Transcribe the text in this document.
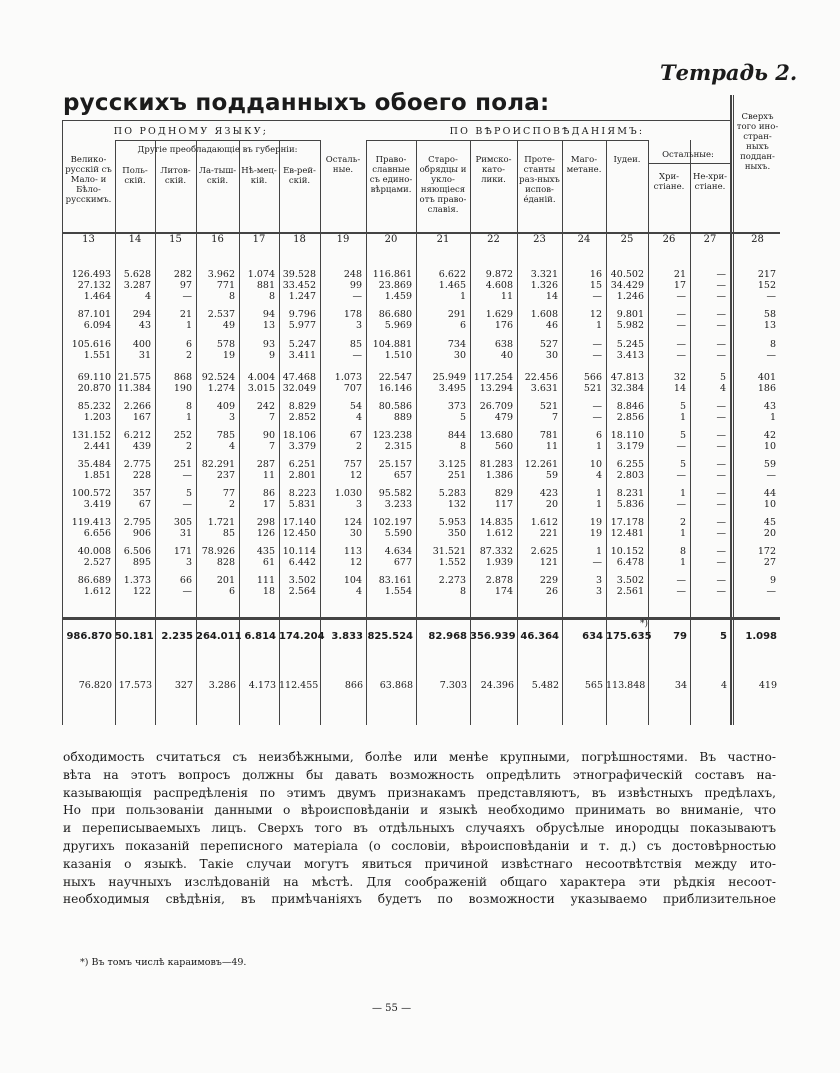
Тетрадь 2.
русскихъ подданныхъ обоего пола:
ПО РОДНОМУ ЯЗЫКУ;	ПО ВѢРОИСПОВѢДАНІЯМЪ:
Другіе преобладающіе въ губерніи:	Остальные:
Велико-русскій съ Мало- и Бѣло-русскимъ.
Поль-скій.
Литов-скій.
Ла-тыш-скій.
Нѣ-мец-кій.
Ев-рей-скій.
Осталь-ные.
Право-славные съ едино-вѣрцами.
Старо-обрядцы и укло-няющіеся отъ право-славія.
Римско-като-лики.
Проте-станты раз-ныхъ испов-éданій.
Маго-метане.
Іудеи.
Хри-стіане.
Не-хри-стіане.
Сверхъ того ино-стран-ныхъ поддан-ныхъ.
13	14	15	16	17	18	19	20	21	22	23	24	25	26	27	28
126.493	5.628	282	3.962	1.074 39.528	248	116.861	6.622	9.872	3.321	16 40.502	21	—	217
27.132	3.287	97	771	881 33.452	99	23.869	1.465	4.608	1.326	15 34.429	17	—	152
1.464	4	—	8	8	1.247	—	1.459	1	11	14	—	1.246	—	—	—
87.101	294	21	2.537	94	9.796	178	86.680	291	1.629	1.608	12	9.801	—	—	58
6.094	43	1	49	13	5.977	3	5.969	6	176	46	1	5.982	—	—	13
105.616	400	6	578	93	5.247	85	104.881	734	638	527	—	5.245	—	—	8
1.551	31	2	19	9	3.411	—	1.510	30	40	30	—	3.413	—	—	—
69.110 21.575	868	92.524	4.004 47.468	1.073	22.547	25.949 117.254	22.456	566 47.813	32	5	401
20.870 11.384	190	1.274	3.015 32.049	707	16.146	3.495	13.294	3.631	521 32.384	14	4	186
85.232	2.266	8	409	242	8.829	54	80.586	373	26.709	521	—	8.846	5	—	43
1.203	167	1	3	7	2.852	4	889	5	479	7	—	2.856	1	—	1
131.152	6.212	252	785	90 18.106	67	123.238	844	13.680	781	6 18.110	5	—	42
2.441	439	2	4	7	3.379	2	2.315	8	560	11	1	3.179	—	—	10
35.484	2.775	251	82.291	287	6.251	757	25.157	3.125	81.283	12.261	10	6.255	5	—	59
1.851	228	—	237	11	2.801	12	657	251	1.386	59	4	2.803	—	—	—
100.572	357	5	77	86	8.223	1.030	95.582	5.283	829	423	1	8.231	1	—	44
3.419	67	—	2	17	5.831	3	3.233	132	117	20	1	5.836	—	—	10
119.413	2.795	305	1.721	298 17.140	124	102.197	5.953	14.835	1.612	19 17.178	2	—	45
6.656	906	31	85	126 12.450	30	5.590	350	1.612	221	19 12.481	1	—	20
40.008	6.506	171	78.926	435 10.114	113	4.634	31.521	87.332	2.625	1 10.152	8	—	172
2.527	895	3	828	61	6.442	12	677	1.552	1.939	121	—	6.478	1	—	27
86.689	1.373	66	201	111	3.502	104	83.161	2.273	2.878	229	3	3.502	—	—	9
1.612	122	—	6	18	2.564	4	1.554	8	174	26	3	2.561	—	—	—
*)
986.870 50.181 2.235 264.011 6.814 174.204 3.833 825.524	82.968 356.939 46.364	634 175.635	79	5	1.098
76.820 17.573	327	3.286	4.173 112.455	866	63.868	7.303	24.396	5.482	565 113.848	34	4	419

обходимость считаться съ неизбѣжными, болѣе или менѣе крупными, погрѣшностями. Въ частно-

вѣта на этотъ вопросъ должны бы давать возможность опредѣлить этнографическій составъ на-

казывающія распредѣленія по этимъ двумъ признакамъ представляютъ, въ извѣстныхъ предѣлахъ,

Но при пользованіи данными о вѣроисповѣданіи и языкѣ необходимо принимать во вниманіе, что

и переписываемыхъ лицъ. Сверхъ того въ отдѣльныхъ случаяхъ обрусѣлые инородцы показываютъ

другихъ показаній переписного матеріала (о сословіи, вѣроисповѣданіи и т. д.) съ достовѣрностью

казанія о языкѣ. Такіе случаи могутъ явиться причиной извѣстнаго несоотвѣтствія между ито-

ныхъ научныхъ изслѣдованій на мѣстѣ. Для соображеній общаго характера эти рѣдкія несоот-

необходимыя свѣдѣнія, въ примѣчаніяхъ будетъ по возможности указываемо приблизительное

*) Въ томъ числѣ караимовъ—49.
— 55 —
